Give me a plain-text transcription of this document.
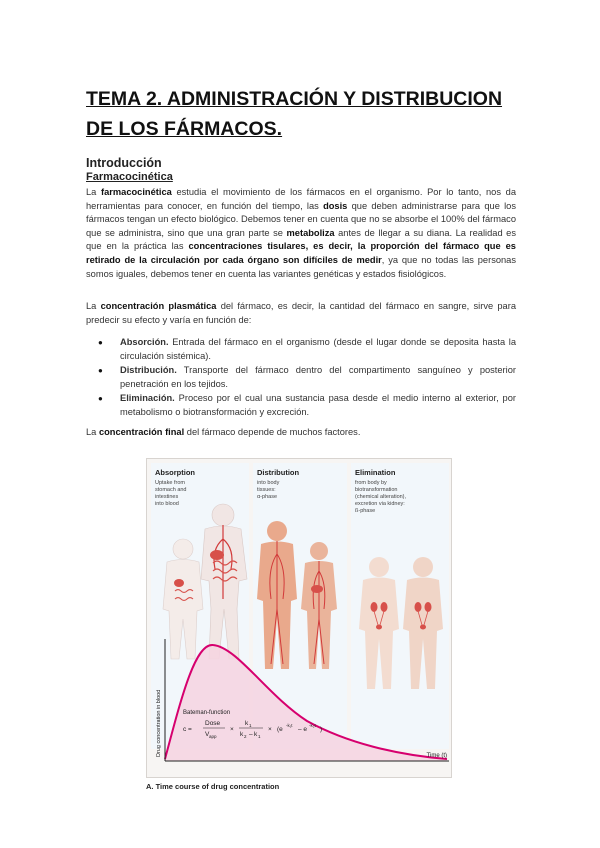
TEMA 2. ADMINISTRACIÓN Y DISTRIBUCION DE LOS FÁRMACOS.
Introducción
Farmacocinética

La farmacocinética estudia el movimiento de los fármacos en el organismo. Por lo tanto, nos da herramientas para conocer, en función del tiempo, las dosis que deben administrarse para que los fármacos tengan un efecto biológico. Debemos tener en cuenta que no se absorbe el 100% del fármaco que se administra, sino que una gran parte se metaboliza antes de llegar a su diana. La realidad es que en la práctica las concentraciones tisulares, es decir, la proporción del fármaco que es retirado de la circulación por cada órgano son difíciles de medir, ya que no todas las personas somos iguales, debemos tener en cuenta las variantes genéticas y estados fisiológicos.

La concentración plasmática del fármaco, es decir, la cantidad del fármaco en sangre, sirve para predecir su efecto y varía en función de:

● Absorción. Entrada del fármaco en el organismo (desde el lugar donde se deposita hasta la circulación sistémica).
● Distribución. Transporte del fármaco dentro del compartimento sanguíneo y posterior penetración en los tejidos.
● Eliminación. Proceso por el cual una sustancia pasa desde el medio interno al exterior, por metabolismo o biotransformación y excreción.

La concentración final del fármaco depende de muchos factores.

Absorption
Uptake from
stomach and
intestines
into blood
Distribution
into body
tissues:
α-phase
Elimination
from body by
biotransformation
(chemical alteration),
excretion via kidney:
ß-phase
Drug concentration in blood	Time (t)
Bateman-function
c =
Dose
V app
×
k 1
k 2 – k 1
× (e
-k₁t
– e
-k₂t
)
A. Time course of drug concentration
